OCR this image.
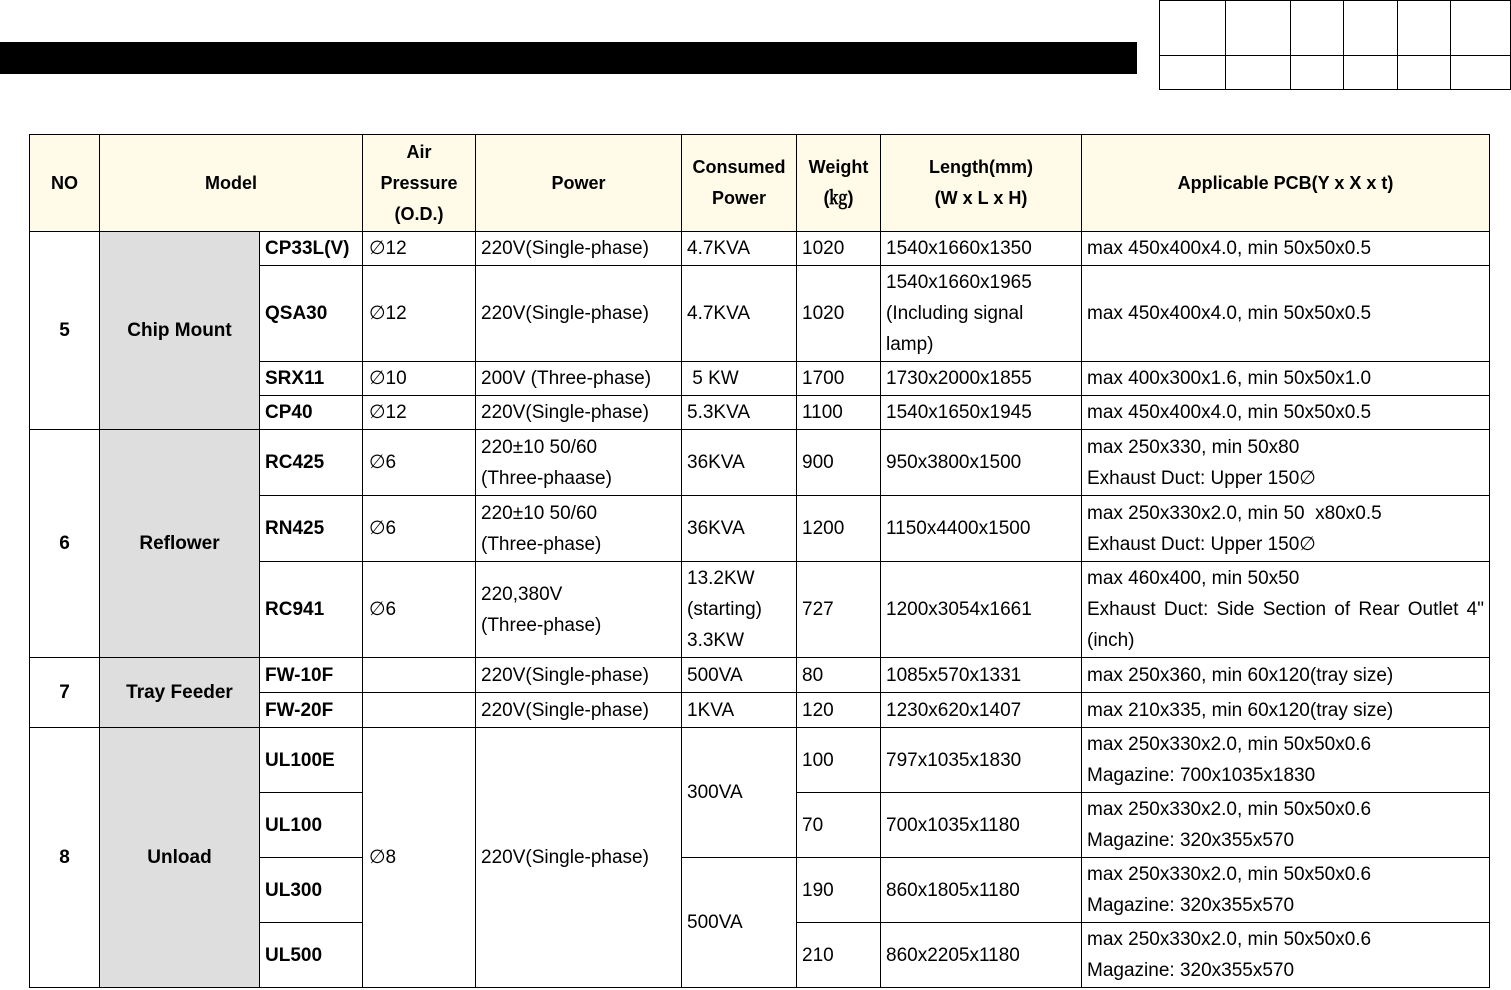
NO	Model		Air
Pressure
(O.D.)	Power	Consumed
Power	Weight
(㎏)	Length(mm)
(W x L x H)	Applicable PCB(Y x X x t)
5	Chip Mount	CP33L(V)	∅12	220V(Single-phase)	4.7KVA	1020	1540x1660x1350	max 450x400x4.0, min 50x50x0.5
		QSA30	∅12	220V(Single-phase)	4.7KVA	1020	1540x1660x1965
(Including signal
lamp)	max 450x400x4.0, min 50x50x0.5
		SRX11	∅10	200V (Three-phase)	5 KW	1700	1730x2000x1855	max 400x300x1.6, min 50x50x1.0
		CP40	∅12	220V(Single-phase)	5.3KVA	1100	1540x1650x1945	max 450x400x4.0, min 50x50x0.5
6	Reflower	RC425	∅6	220±10 50/60
(Three-phaase)	36KVA	900	950x3800x1500	max 250x330, min 50x80
Exhaust Duct: Upper 150∅

		RN425	∅6	220±10 50/60
(Three-phase)	36KVA	1200	1150x4400x1500	max 250x330x2.0, min 50  x80x0.5
Exhaust Duct: Upper 150∅

		RC941	∅6	220,380V
(Three-phase)	13.2KW
(starting)
3.3KW	727	1200x3054x1661	max 460x400, min 50x50
Exhaust Duct: Side Section of Rear Outlet 4"(inch)

7	Tray Feeder	FW-10F		220V(Single-phase)	500VA	80	1085x570x1331	max 250x360, min 60x120(tray size)
		FW-20F		220V(Single-phase)	1KVA	120	1230x620x1407	max 210x335, min 60x120(tray size)
8	Unload	UL100E	∅8	220V(Single-phase)	300VA	100	797x1035x1830	max 250x330x2.0, min 50x50x0.6
Magazine: 700x1035x1830

		UL100				70	700x1035x1180	max 250x330x2.0, min 50x50x0.6
Magazine: 320x355x570

		UL300			500VA	190	860x1805x1180	max 250x330x2.0, min 50x50x0.6
Magazine: 320x355x570

		UL500				210	860x2205x1180	max 250x330x2.0, min 50x50x0.6
Magazine: 320x355x570
